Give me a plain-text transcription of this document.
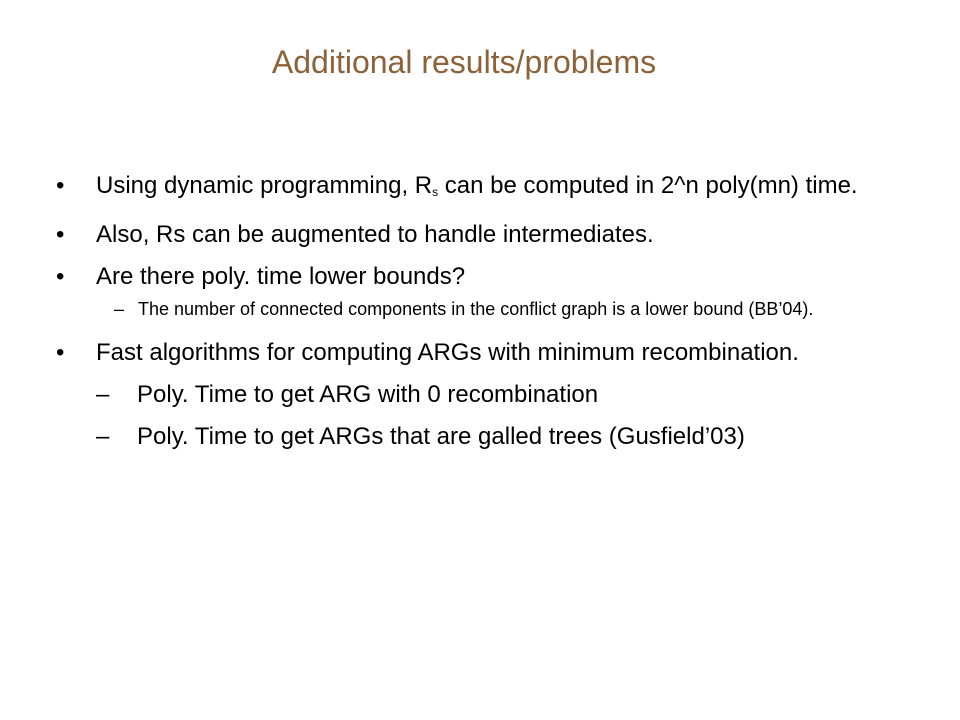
Additional results/problems
• Using dynamic programming, Rs can be computed in 2^n poly(mn) time.
• Also, Rs can be augmented to handle intermediates.
• Are there poly. time lower bounds?
– The number of connected components in the conflict graph is a lower bound (BB’04).
• Fast algorithms for computing ARGs with minimum recombination.
– Poly. Time to get ARG with 0 recombination
– Poly. Time to get ARGs that are galled trees (Gusfield’03)
